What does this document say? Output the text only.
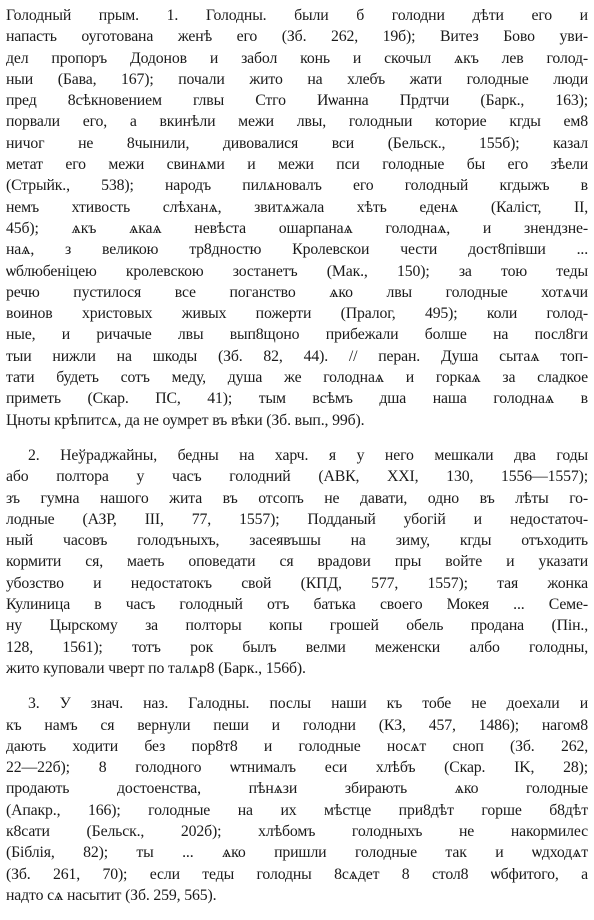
Голодный прым. 1. Голодны. были б голодни дѣти его и
напасть оуготована женѣ его (Зб. 262, 19б); Витез Бово уви-
дел пропоръ Додонов и забол конь и скочыл ѧкъ лев голод-
ныи (Бава, 167); почали жито на хлебъ жати голодные люди
пред 8сѣкновением глвы Стго Иѡанна Прдтчи (Барк., 163);
порвали его, а вкинѣли межи лвы, голодныи которие кгды ем8
ничог не 8чынили, дивовалися вси (Бельск., 155б); казал
метат его межи свинѧми и межи пси голодные бы его зѣели
(Стрыйк., 538); народъ пилѧновалъ его голодный кгдыжъ в
немъ хтивость слѣханѧ, звитѧжала хѣть еденѧ (Каліст, II,
45б); ѧкъ ѧкаѧ невѣста ошарпанаѧ голоднаѧ, и знендзне-
наѧ, з великою тр8дностю Кролевскои чести дост8півши ...
ѡблюбеніцею кролевскою зостанетъ (Мак., 150); за тою теды
речю пустилося все поганство ѧко лвы голодные хотѧчи
воинов христовых живых пожерти (Пралог, 495); коли голод-
ные, и ричачые лвы вып8щоно прибежали болше на посл8ги
тыи нижли на шкоды (Зб. 82, 44). // перан. Душа сытаѧ топ-
тати будеть сотъ меду, душа же голоднаѧ и горкаѧ за сладкое
приметь (Скар. ПС, 41); тым всѣмъ дша наша голоднаѧ в
Цноты крѣпитсѧ, да не оумрет въ вѣки (Зб. вып., 99б).
2. Неўраджайны, бедны на харч. я у него мешкали два годы
або полтора у часъ голодний (АВК, XXI, 130, 1556—1557);
зъ гумна нашого жита въ отсопъ не давати, одно въ лѣты го-
лодные (АЗР, III, 77, 1557); Подданый убогій и недостаточ-
ный часовъ голодъныхъ, засеявъшы на зиму, кгды отъходить
кормити ся, маеть оповедати ся врадови пры войте и указати
убозство и недостатокъ свой (КПД, 577, 1557); тая жонка
Кулиница в часъ голодный отъ батька своего Мокея ... Семе-
ну Цырскому за полторы копы грошей обель продана (Пін.,
128, 1561); тотъ рок былъ велми меженски албо голодны,
жито куповали чверт по талѧр8 (Барк., 156б).
3. У знач. наз. Галодны. послы наши къ тобе не доехали и
къ намъ ся вернули пеши и голодни (КЗ, 457, 1486); нагом8
дають ходити без пор8т8 и голодные носѧт сноп (Зб. 262,
22—22б); 8 голодного ѡтнималъ еси хлѣбъ (Скар. IK, 28);
продають достоенства, пѣнѧзи збирають ѧко голодные
(Апакр., 166); голодные на их мѣстце при8дѣт горше б8дѣт
к8сати (Бельск., 202б); хлѣбомъ голодныхъ не накормилес
(Біблія, 82); ты ... ѧко пришли голодные так и ѡдходѧт
(Зб. 261, 70); если теды голодны 8сѧдет 8 стол8 ѡбфитого, а
надто сѧ насытит (Зб. 259, 565).
